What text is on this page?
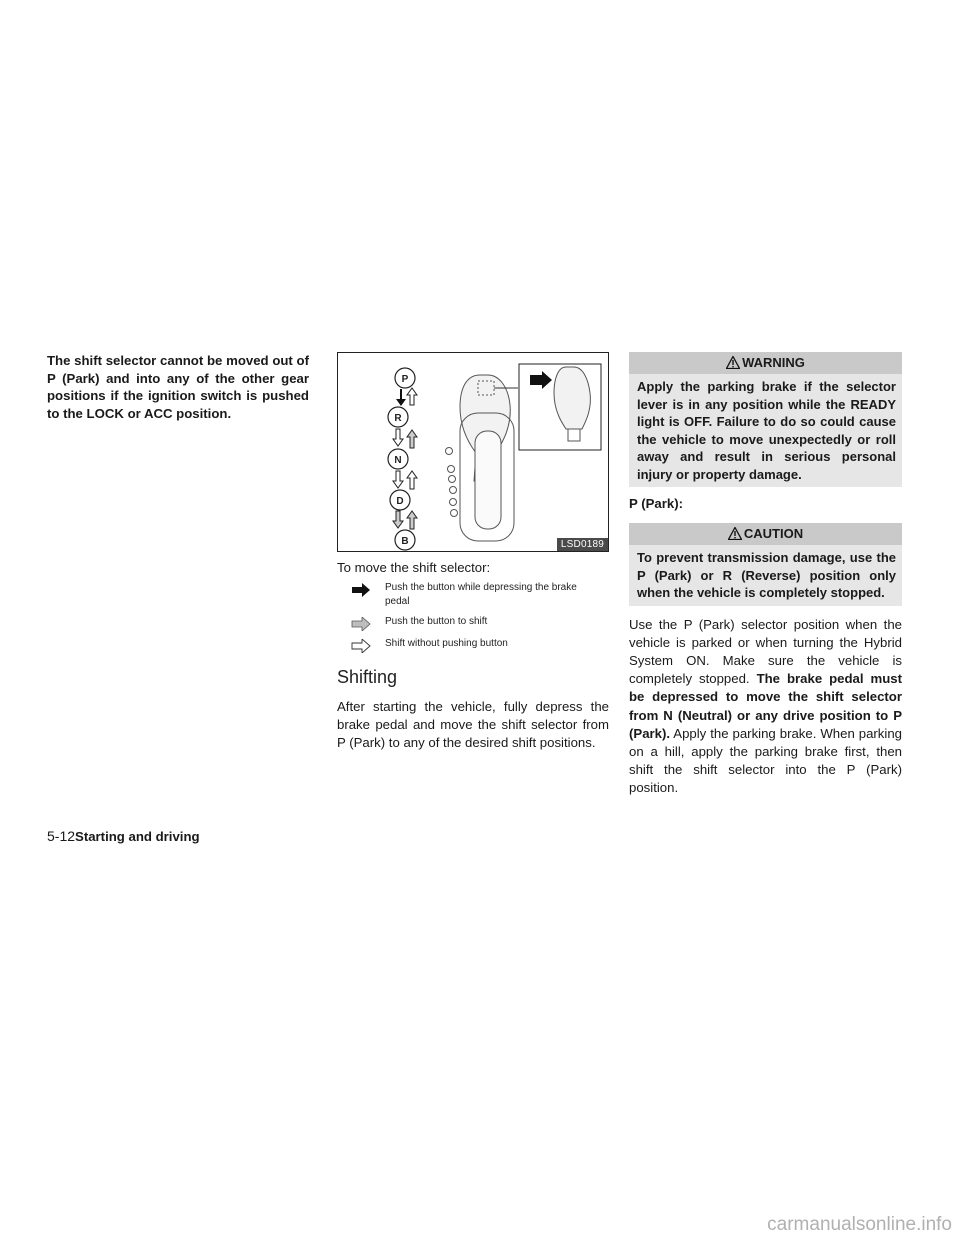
The shift selector cannot be moved out of P (Park) and into any of the other gear positions if the ignition switch is pushed to the LOCK or ACC position.

P
R
N
D
B	LSD0189

To move the shift selector:

Push the button while depressing the brake pedal
Push the button to shift
Shift without pushing button
Shifting

After starting the vehicle, fully depress the brake pedal and move the shift selector from P (Park) to any of the desired shift positions.

WARNING

Apply the parking brake if the selector lever is in any position while the READY light is OFF. Failure to do so could cause the vehicle to move unexpectedly or roll away and result in serious personal injury or property damage.

P (Park):

CAUTION

To prevent transmission damage, use the P (Park) or R (Reverse) position only when the vehicle is completely stopped.

Use the P (Park) selector position when the vehicle is parked or when turning the Hybrid System ON. Make sure the vehicle is completely stopped. The brake pedal must be depressed to move the shift selector from N (Neutral) or any drive position to P (Park). Apply the parking brake. When parking on a hill, apply the parking brake first, then shift the shift selector into the P (Park) position.

5-12Starting and driving
carmanualsonline.info
